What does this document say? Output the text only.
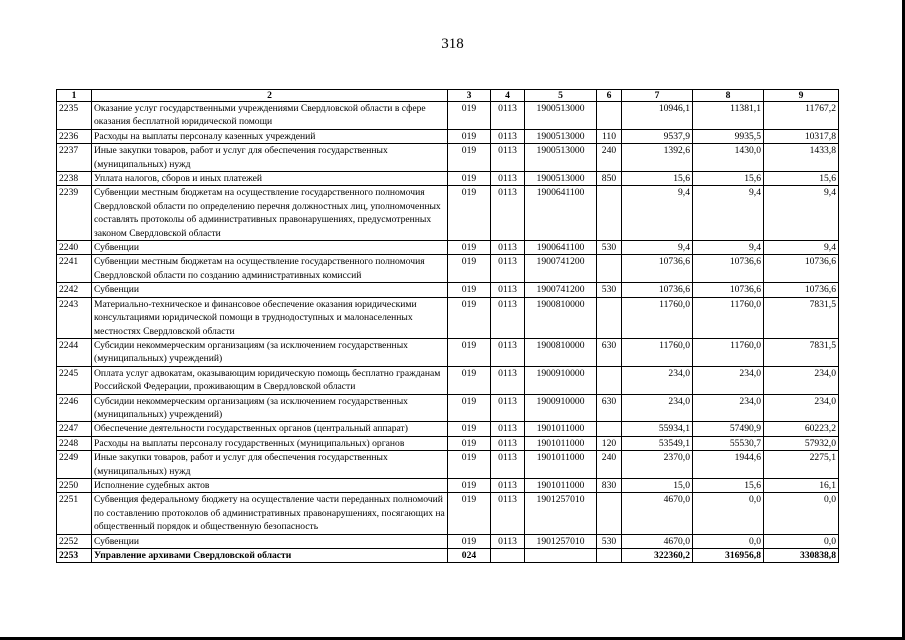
318
1	2	3	4	5	6	7	8	9
2235	Оказание услуг государственными учреждениями Свердловской области в сфере оказания бесплатной юридической помощи	019	0113	1900513000		10946,1	11381,1	11767,2
2236	Расходы на выплаты персоналу казенных учреждений	019	0113	1900513000	110	9537,9	9935,5	10317,8
2237	Иные закупки товаров, работ и услуг для обеспечения государственных (муниципальных) нужд	019	0113	1900513000	240	1392,6	1430,0	1433,8
2238	Уплата налогов, сборов и иных платежей	019	0113	1900513000	850	15,6	15,6	15,6
2239	Субвенции местным бюджетам на осуществление государственного полномочия Свердловской области по определению перечня должностных лиц, уполномоченных составлять протоколы об административных правонарушениях, предусмотренных законом Свердловской области	019	0113	1900641100		9,4	9,4	9,4
2240	Субвенции	019	0113	1900641100	530	9,4	9,4	9,4
2241	Субвенции местным бюджетам на осуществление государственного полномочия Свердловской области по созданию административных комиссий	019	0113	1900741200		10736,6	10736,6	10736,6
2242	Субвенции	019	0113	1900741200	530	10736,6	10736,6	10736,6
2243	Материально-техническое и финансовое обеспечение оказания юридическими консультациями юридической помощи в труднодоступных и малонаселенных местностях Свердловской области	019	0113	1900810000		11760,0	11760,0	7831,5
2244	Субсидии некоммерческим организациям (за исключением государственных (муниципальных) учреждений)	019	0113	1900810000	630	11760,0	11760,0	7831,5
2245	Оплата услуг адвокатам, оказывающим юридическую помощь бесплатно гражданам Российской Федерации, проживающим в Свердловской области	019	0113	1900910000		234,0	234,0	234,0
2246	Субсидии некоммерческим организациям (за исключением государственных (муниципальных) учреждений)	019	0113	1900910000	630	234,0	234,0	234,0
2247	Обеспечение деятельности государственных органов (центральный аппарат)	019	0113	1901011000		55934,1	57490,9	60223,2
2248	Расходы на выплаты персоналу государственных (муниципальных) органов	019	0113	1901011000	120	53549,1	55530,7	57932,0
2249	Иные закупки товаров, работ и услуг для обеспечения государственных (муниципальных) нужд	019	0113	1901011000	240	2370,0	1944,6	2275,1
2250	Исполнение судебных актов	019	0113	1901011000	830	15,0	15,6	16,1
2251	Субвенция федеральному бюджету на осуществление части переданных полномочий по составлению протоколов об административных правонарушениях, посягающих на общественный порядок и общественную безопасность	019	0113	1901257010		4670,0	0,0	0,0
2252	Субвенции	019	0113	1901257010	530	4670,0	0,0	0,0
2253	Управление архивами Свердловской области	024				322360,2	316956,8	330838,8
